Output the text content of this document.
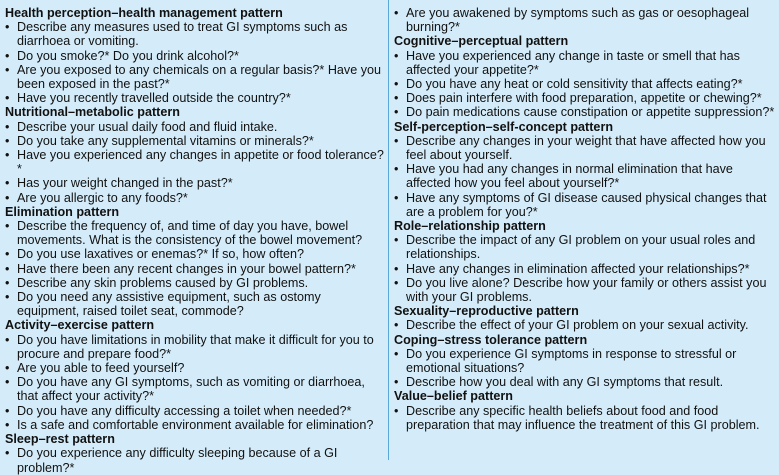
Health perception–health management pattern
• Describe any measures used to treat GI symptoms such as diarrhoea or vomiting.
• Do you smoke?* Do you drink alcohol?*
• Are you exposed to any chemicals on a regular basis?* Have you been exposed in the past?*
• Have you recently travelled outside the country?*
Nutritional–metabolic pattern
• Describe your usual daily food and fluid intake.
• Do you take any supplemental vitamins or minerals?*
• Have you experienced any changes in appetite or food tolerance?*
• Has your weight changed in the past?*
• Are you allergic to any foods?*
Elimination pattern
• Describe the frequency of, and time of day you have, bowel movements. What is the consistency of the bowel movement?
• Do you use laxatives or enemas?* If so, how often?
• Have there been any recent changes in your bowel pattern?*
• Describe any skin problems caused by GI problems.
• Do you need any assistive equipment, such as ostomy equipment, raised toilet seat, commode?
Activity–exercise pattern
• Do you have limitations in mobility that make it difficult for you to procure and prepare food?*
• Are you able to feed yourself?
• Do you have any GI symptoms, such as vomiting or diarrhoea, that affect your activity?*
• Do you have any difficulty accessing a toilet when needed?*
• Is a safe and comfortable environment available for elimination?
Sleep–rest pattern
• Do you experience any difficulty sleeping because of a GI problem?*
• Are you awakened by symptoms such as gas or oesophageal burning?*
Cognitive–perceptual pattern
• Have you experienced any change in taste or smell that has affected your appetite?*
• Do you have any heat or cold sensitivity that affects eating?*
• Does pain interfere with food preparation, appetite or chewing?*
• Do pain medications cause constipation or appetite suppression?*
Self-perception–self-concept pattern
• Describe any changes in your weight that have affected how you feel about yourself.
• Have you had any changes in normal elimination that have affected how you feel about yourself?*
• Have any symptoms of GI disease caused physical changes that are a problem for you?*
Role–relationship pattern
• Describe the impact of any GI problem on your usual roles and relationships.
• Have any changes in elimination affected your relationships?*
• Do you live alone? Describe how your family or others assist you with your GI problems.
Sexuality–reproductive pattern
• Describe the effect of your GI problem on your sexual activity.
Coping–stress tolerance pattern
• Do you experience GI symptoms in response to stressful or emotional situations?
• Describe how you deal with any GI symptoms that result.
Value–belief pattern
• Describe any specific health beliefs about food and food preparation that may influence the treatment of this GI problem.
